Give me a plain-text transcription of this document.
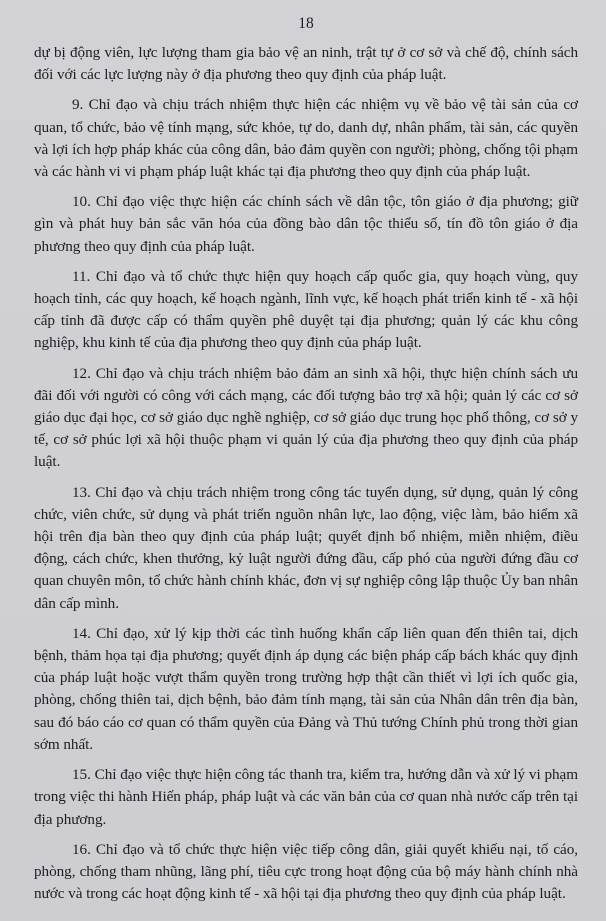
18

dự bị động viên, lực lượng tham gia bảo vệ an ninh, trật tự ở cơ sở và chế độ, chính sách đối với các lực lượng này ở địa phương theo quy định của pháp luật.

9. Chỉ đạo và chịu trách nhiệm thực hiện các nhiệm vụ về bảo vệ tài sản của cơ quan, tổ chức, bảo vệ tính mạng, sức khỏe, tự do, danh dự, nhân phẩm, tài sản, các quyền và lợi ích hợp pháp khác của công dân, bảo đảm quyền con người; phòng, chống tội phạm và các hành vi vi phạm pháp luật khác tại địa phương theo quy định của pháp luật.

10. Chỉ đạo việc thực hiện các chính sách về dân tộc, tôn giáo ở địa phương; giữ gìn và phát huy bản sắc văn hóa của đồng bào dân tộc thiểu số, tín đồ tôn giáo ở địa phương theo quy định của pháp luật.

11. Chỉ đạo và tổ chức thực hiện quy hoạch cấp quốc gia, quy hoạch vùng, quy hoạch tỉnh, các quy hoạch, kế hoạch ngành, lĩnh vực, kế hoạch phát triển kinh tế - xã hội cấp tỉnh đã được cấp có thẩm quyền phê duyệt tại địa phương; quản lý các khu công nghiệp, khu kinh tế của địa phương theo quy định của pháp luật.

12. Chỉ đạo và chịu trách nhiệm bảo đảm an sinh xã hội, thực hiện chính sách ưu đãi đối với người có công với cách mạng, các đối tượng bảo trợ xã hội; quản lý các cơ sở giáo dục đại học, cơ sở giáo dục nghề nghiệp, cơ sở giáo dục trung học phổ thông, cơ sở y tế, cơ sở phúc lợi xã hội thuộc phạm vi quản lý của địa phương theo quy định của pháp luật.

13. Chỉ đạo và chịu trách nhiệm trong công tác tuyển dụng, sử dụng, quản lý công chức, viên chức, sử dụng và phát triển nguồn nhân lực, lao động, việc làm, bảo hiểm xã hội trên địa bàn theo quy định của pháp luật; quyết định bổ nhiệm, miễn nhiệm, điều động, cách chức, khen thưởng, kỷ luật người đứng đầu, cấp phó của người đứng đầu cơ quan chuyên môn, tổ chức hành chính khác, đơn vị sự nghiệp công lập thuộc Ủy ban nhân dân cấp mình.

14. Chỉ đạo, xử lý kịp thời các tình huống khẩn cấp liên quan đến thiên tai, dịch bệnh, thảm họa tại địa phương; quyết định áp dụng các biện pháp cấp bách khác quy định của pháp luật hoặc vượt thẩm quyền trong trường hợp thật cần thiết vì lợi ích quốc gia, phòng, chống thiên tai, dịch bệnh, bảo đảm tính mạng, tài sản của Nhân dân trên địa bàn, sau đó báo cáo cơ quan có thẩm quyền của Đảng và Thủ tướng Chính phủ trong thời gian sớm nhất.

15. Chỉ đạo việc thực hiện công tác thanh tra, kiểm tra, hướng dẫn và xử lý vi phạm trong việc thi hành Hiến pháp, pháp luật và các văn bản của cơ quan nhà nước cấp trên tại địa phương.

16. Chỉ đạo và tổ chức thực hiện việc tiếp công dân, giải quyết khiếu nại, tố cáo, phòng, chống tham nhũng, lãng phí, tiêu cực trong hoạt động của bộ máy hành chính nhà nước và trong các hoạt động kinh tế - xã hội tại địa phương theo quy định của pháp luật.
